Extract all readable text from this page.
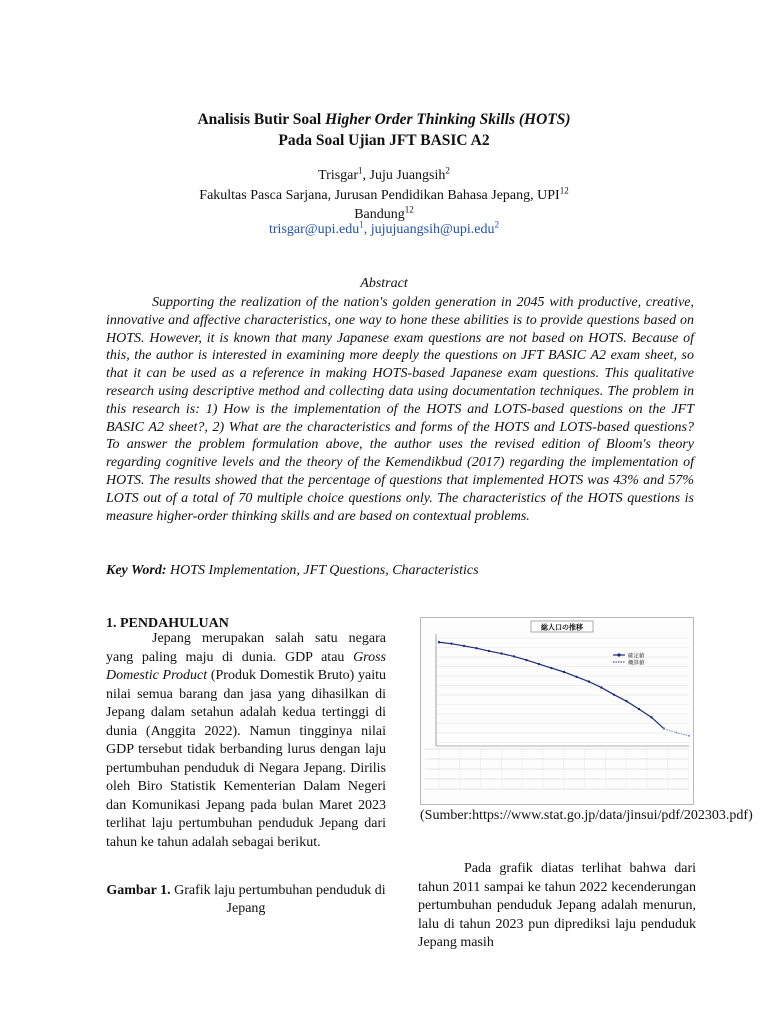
Analisis Butir Soal Higher Order Thinking Skills (HOTS)
Pada Soal Ujian JFT BASIC A2
Trisgar$^1$, Juju Juangsih$^2$
Fakultas Pasca Sarjana, Jurusan Pendidikan Bahasa Jepang, UPI$^{12}$
Bandung$^{12}$
trisgar@upi.edu$^1$, jujujuangsih@upi.edu$^2$
Abstract

Supporting the realization of the nation's golden generation in 2045 with productive, creative, innovative and affective characteristics, one way to hone these abilities is to provide questions based on HOTS. However, it is known that many Japanese exam questions are not based on HOTS. Because of this, the author is interested in examining more deeply the questions on JFT BASIC A2 exam sheet, so that it can be used as a reference in making HOTS-based Japanese exam questions. This qualitative research using descriptive method and collecting data using documentation techniques. The problem in this research is: 1) How is the implementation of the HOTS and LOTS-based questions on the JFT BASIC A2 sheet?, 2) What are the characteristics and forms of the HOTS and LOTS-based questions? To answer the problem formulation above, the author uses the revised edition of Bloom's theory regarding cognitive levels and the theory of the Kemendikbud (2017) regarding the implementation of HOTS. The results showed that the percentage of questions that implemented HOTS was 43% and 57% LOTS out of a total of 70 multiple choice questions only. The characteristics of the HOTS questions is measure higher-order thinking skills and are based on contextual problems.

Key Word: HOTS Implementation, JFT Questions, Characteristics
1. PENDAHULUAN

Jepang merupakan salah satu negara yang paling maju di dunia. GDP atau Gross Domestic Product (Produk Domestik Bruto) yaitu nilai semua barang dan jasa yang dihasilkan di Jepang dalam setahun adalah kedua tertinggi di dunia (Anggita 2022). Namun tingginya nilai GDP tersebut tidak berbanding lurus dengan laju pertumbuhan penduduk di Negara Jepang. Dirilis oleh Biro Statistik Kementerian Dalam Negeri dan Komunikasi Jepang pada bulan Maret 2023 terlihat laju pertumbuhan penduduk Jepang dari tahun ke tahun adalah sebagai berikut.

Gambar 1. Grafik laju pertumbuhan penduduk di Jepang
総人口の推移
確定値
概算値
(Sumber:https://www.stat.go.jp/data/jinsui/pdf/202303.pdf)

Pada grafik diatas terlihat bahwa dari tahun 2011 sampai ke tahun 2022 kecenderungan pertumbuhan penduduk Jepang adalah menurun, lalu di tahun 2023 pun diprediksi laju penduduk Jepang masih
